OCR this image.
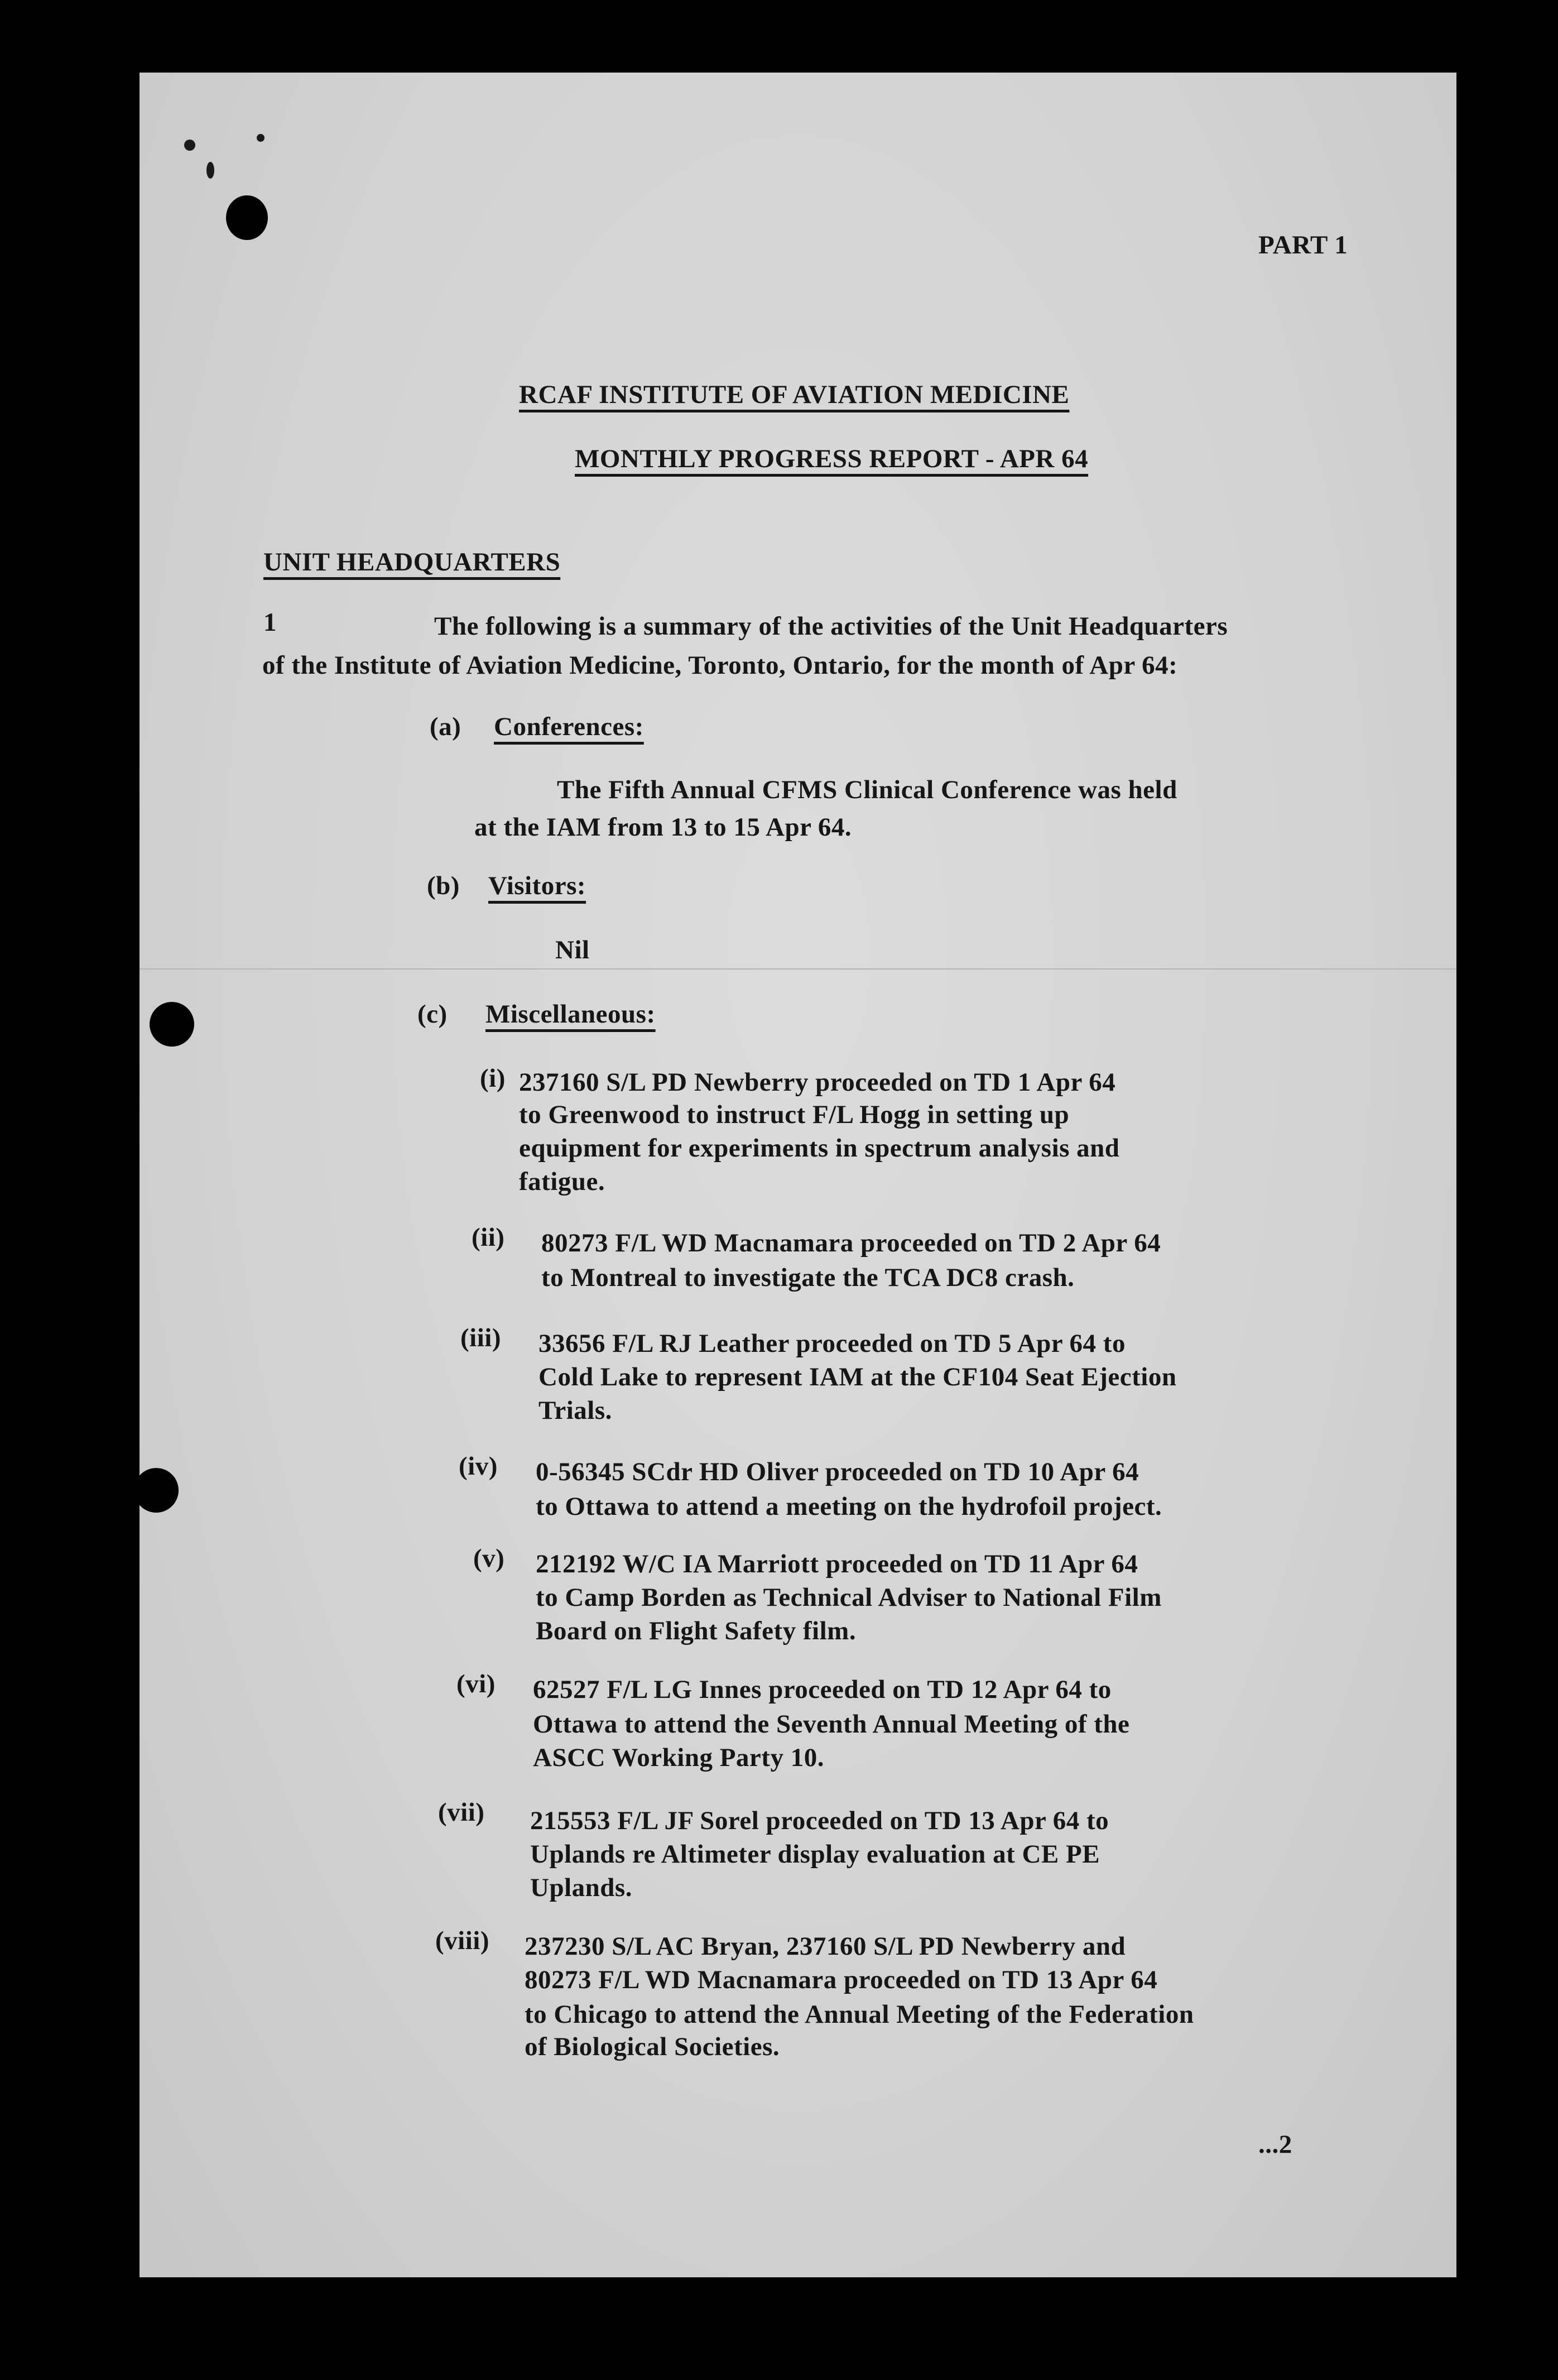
PART 1
RCAF INSTITUTE OF AVIATION MEDICINE
MONTHLY PROGRESS REPORT - APR 64
UNIT HEADQUARTERS
1	The following is a summary of the activities of the Unit Headquarters
of the Institute of Aviation Medicine, Toronto, Ontario, for the month of Apr 64:
(a) Conferences:
The Fifth Annual CFMS Clinical Conference was held
at the IAM from 13 to 15 Apr 64.
(b) Visitors:
Nil
(c) Miscellaneous:
(i) 237160 S/L PD Newberry proceeded on TD 1 Apr 64
to Greenwood to instruct F/L Hogg in setting up
equipment for experiments in spectrum analysis and
fatigue.
(ii) 80273 F/L WD Macnamara proceeded on TD 2 Apr 64
to Montreal to investigate the TCA DC8 crash.
(iii) 33656 F/L RJ Leather proceeded on TD 5 Apr 64 to
Cold Lake to represent IAM at the CF104 Seat Ejection
Trials.
(iv) 0-56345 SCdr HD Oliver proceeded on TD 10 Apr 64
to Ottawa to attend a meeting on the hydrofoil project.
(v) 212192 W/C IA Marriott proceeded on TD 11 Apr 64
to Camp Borden as Technical Adviser to National Film
Board on Flight Safety film.
(vi) 62527 F/L LG Innes proceeded on TD 12 Apr 64 to
Ottawa to attend the Seventh Annual Meeting of the
ASCC Working Party 10.
(vii) 215553 F/L JF Sorel proceeded on TD 13 Apr 64 to
Uplands re Altimeter display evaluation at CE PE
Uplands.
(viii) 237230 S/L AC Bryan, 237160 S/L PD Newberry and
80273 F/L WD Macnamara proceeded on TD 13 Apr 64
to Chicago to attend the Annual Meeting of the Federation
of Biological Societies.
...2
